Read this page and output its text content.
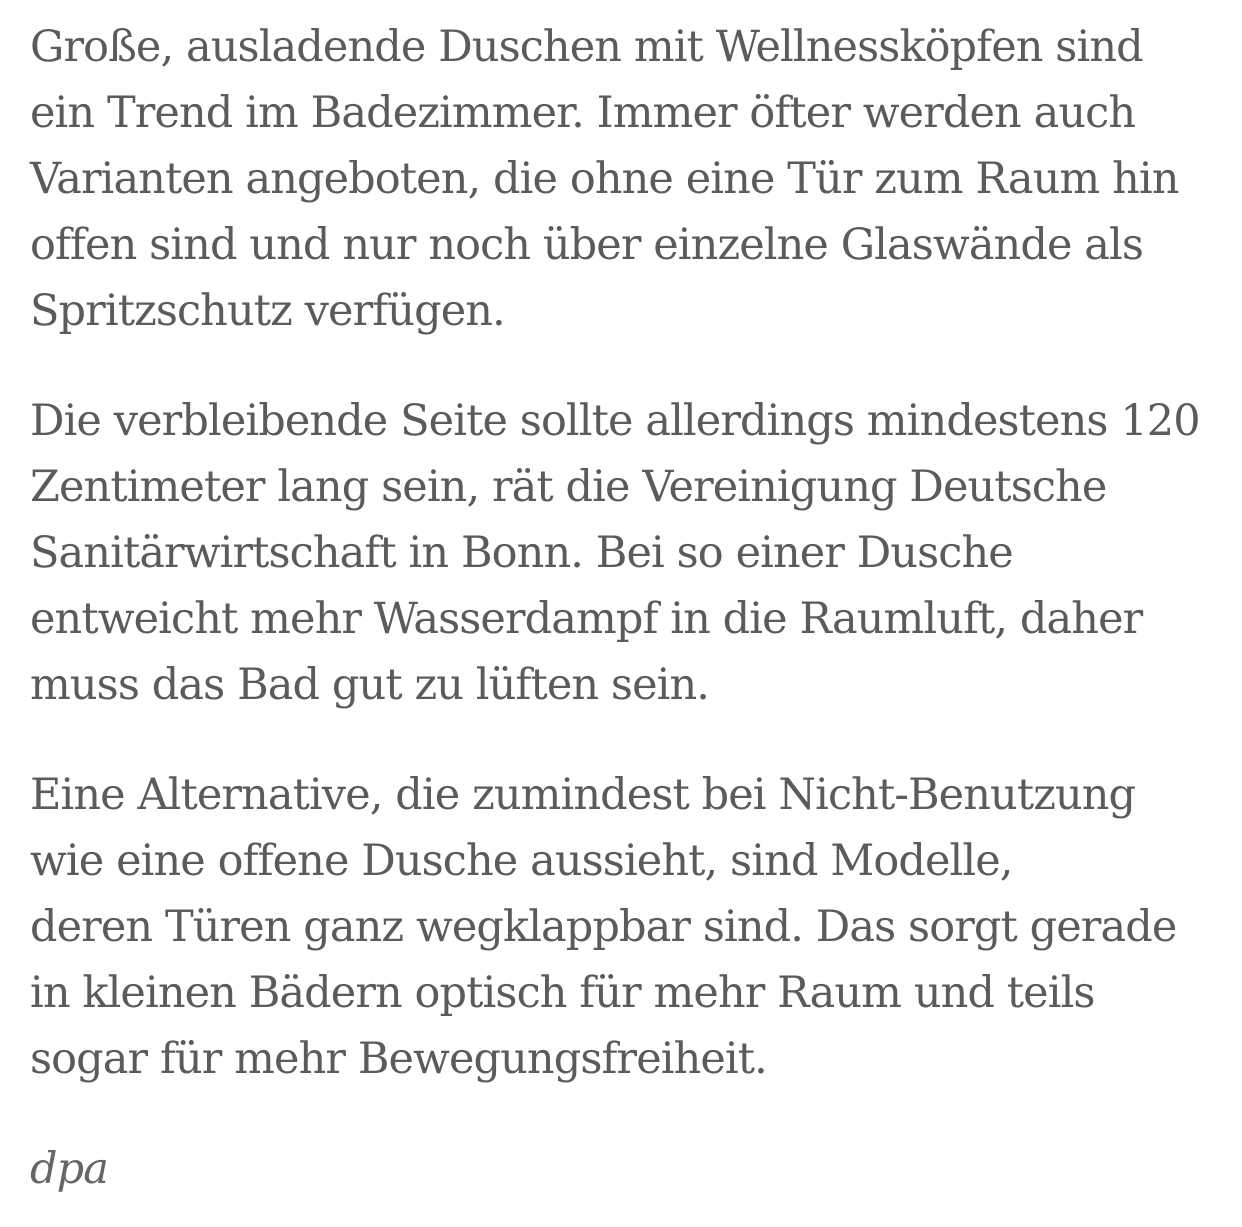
Große, ausladende Duschen mit Wellnessköpfen sind
ein Trend im Badezimmer. Immer öfter werden auch
Varianten angeboten, die ohne eine Tür zum Raum hin
offen sind und nur noch über einzelne Glaswände als
Spritzschutz verfügen.

Die verbleibende Seite sollte allerdings mindestens 120
Zentimeter lang sein, rät die Vereinigung Deutsche
Sanitärwirtschaft in Bonn. Bei so einer Dusche
entweicht mehr Wasserdampf in die Raumluft, daher
muss das Bad gut zu lüften sein.

Eine Alternative, die zumindest bei Nicht-Benutzung
wie eine offene Dusche aussieht, sind Modelle,
deren Türen ganz wegklappbar sind. Das sorgt gerade
in kleinen Bädern optisch für mehr Raum und teils
sogar für mehr Bewegungsfreiheit.

dpa
